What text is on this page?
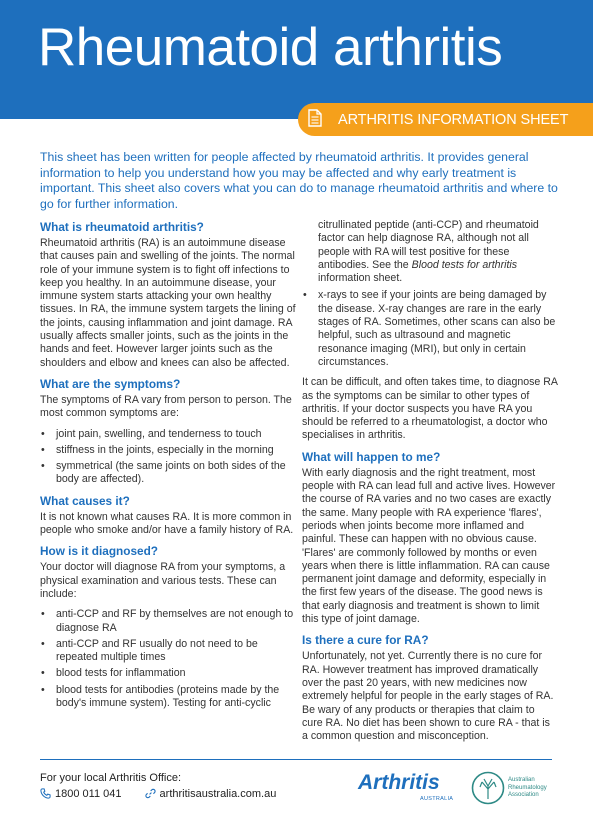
Rheumatoid arthritis
ARTHRITIS INFORMATION SHEET
This sheet has been written for people affected by rheumatoid arthritis. It provides general information to help you understand how you may be affected and why early treatment is important. This sheet also covers what you can do to manage rheumatoid arthritis and where to go for further information.
What is rheumatoid arthritis?

Rheumatoid arthritis (RA) is an autoimmune disease that causes pain and swelling of the joints. The normal role of your immune system is to fight off infections to keep you healthy. In an autoimmune disease, your immune system starts attacking your own healthy tissues. In RA, the immune system targets the lining of the joints, causing inflammation and joint damage. RA usually affects smaller joints, such as the joints in the hands and feet. However larger joints such as the shoulders and elbow and knees can also be affected.

What are the symptoms?

The symptoms of RA vary from person to person. The most common symptoms are:

• joint pain, swelling, and tenderness to touch
• stiffness in the joints, especially in the morning
• symmetrical (the same joints on both sides of the body are affected).
What causes it?

It is not known what causes RA. It is more common in people who smoke and/or have a family history of RA.

How is it diagnosed?

Your doctor will diagnose RA from your symptoms, a physical examination and various tests. These can include:

• anti-CCP and RF by themselves are not enough to diagnose RA
• anti-CCP and RF usually do not need to be repeated multiple times
• blood tests for inflammation
• blood tests for antibodies (proteins made by the body's immune system). Testing for anti-cyclic

citrullinated peptide (anti-CCP) and rheumatoid factor can help diagnose RA, although not all people with RA will test positive for these antibodies. See the Blood tests for arthritis information sheet.

• x-rays to see if your joints are being damaged by the disease. X-ray changes are rare in the early stages of RA. Sometimes, other scans can also be helpful, such as ultrasound and magnetic resonance imaging (MRI), but only in certain circumstances.

It can be difficult, and often takes time, to diagnose RA as the symptoms can be similar to other types of arthritis. If your doctor suspects you have RA you should be referred to a rheumatologist, a doctor who specialises in arthritis.

What will happen to me?

With early diagnosis and the right treatment, most people with RA can lead full and active lives. However the course of RA varies and no two cases are exactly the same. Many people with RA experience 'flares', periods when joints become more inflamed and painful. These can happen with no obvious cause. 'Flares' are commonly followed by months or even years when there is little inflammation. RA can cause permanent joint damage and deformity, especially in the first few years of the disease. The good news is that early diagnosis and treatment is shown to limit this type of joint damage.

Is there a cure for RA?

Unfortunately, not yet. Currently there is no cure for RA. However treatment has improved dramatically over the past 20 years, with new medicines now extremely helpful for people in the early stages of RA. Be wary of any products or therapies that claim to cure RA. No diet has been shown to cure RA - that is a common question and misconception.

For your local Arthritis Office:
1800 011 041	arthritisaustralia.com.au	Arthritis
AUSTRALIA
Australian Rheumatology Association
